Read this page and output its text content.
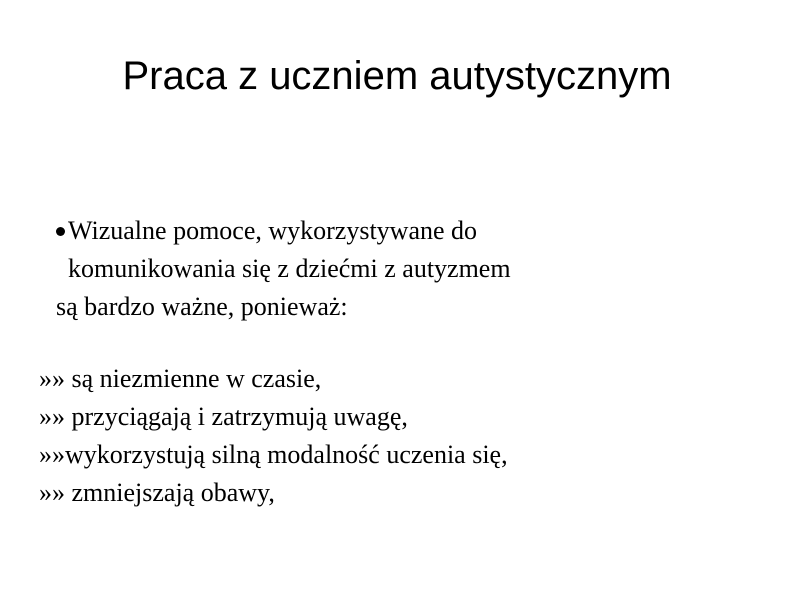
Praca z uczniem autystycznym
Wizualne pomoce, wykorzystywane do
komunikowania się z dziećmi z autyzmem
są bardzo ważne, ponieważ:
»» są niezmienne w czasie,
»» przyciągają i zatrzymują uwagę,
»»wykorzystują silną modalność uczenia się,
»» zmniejszają obawy,
